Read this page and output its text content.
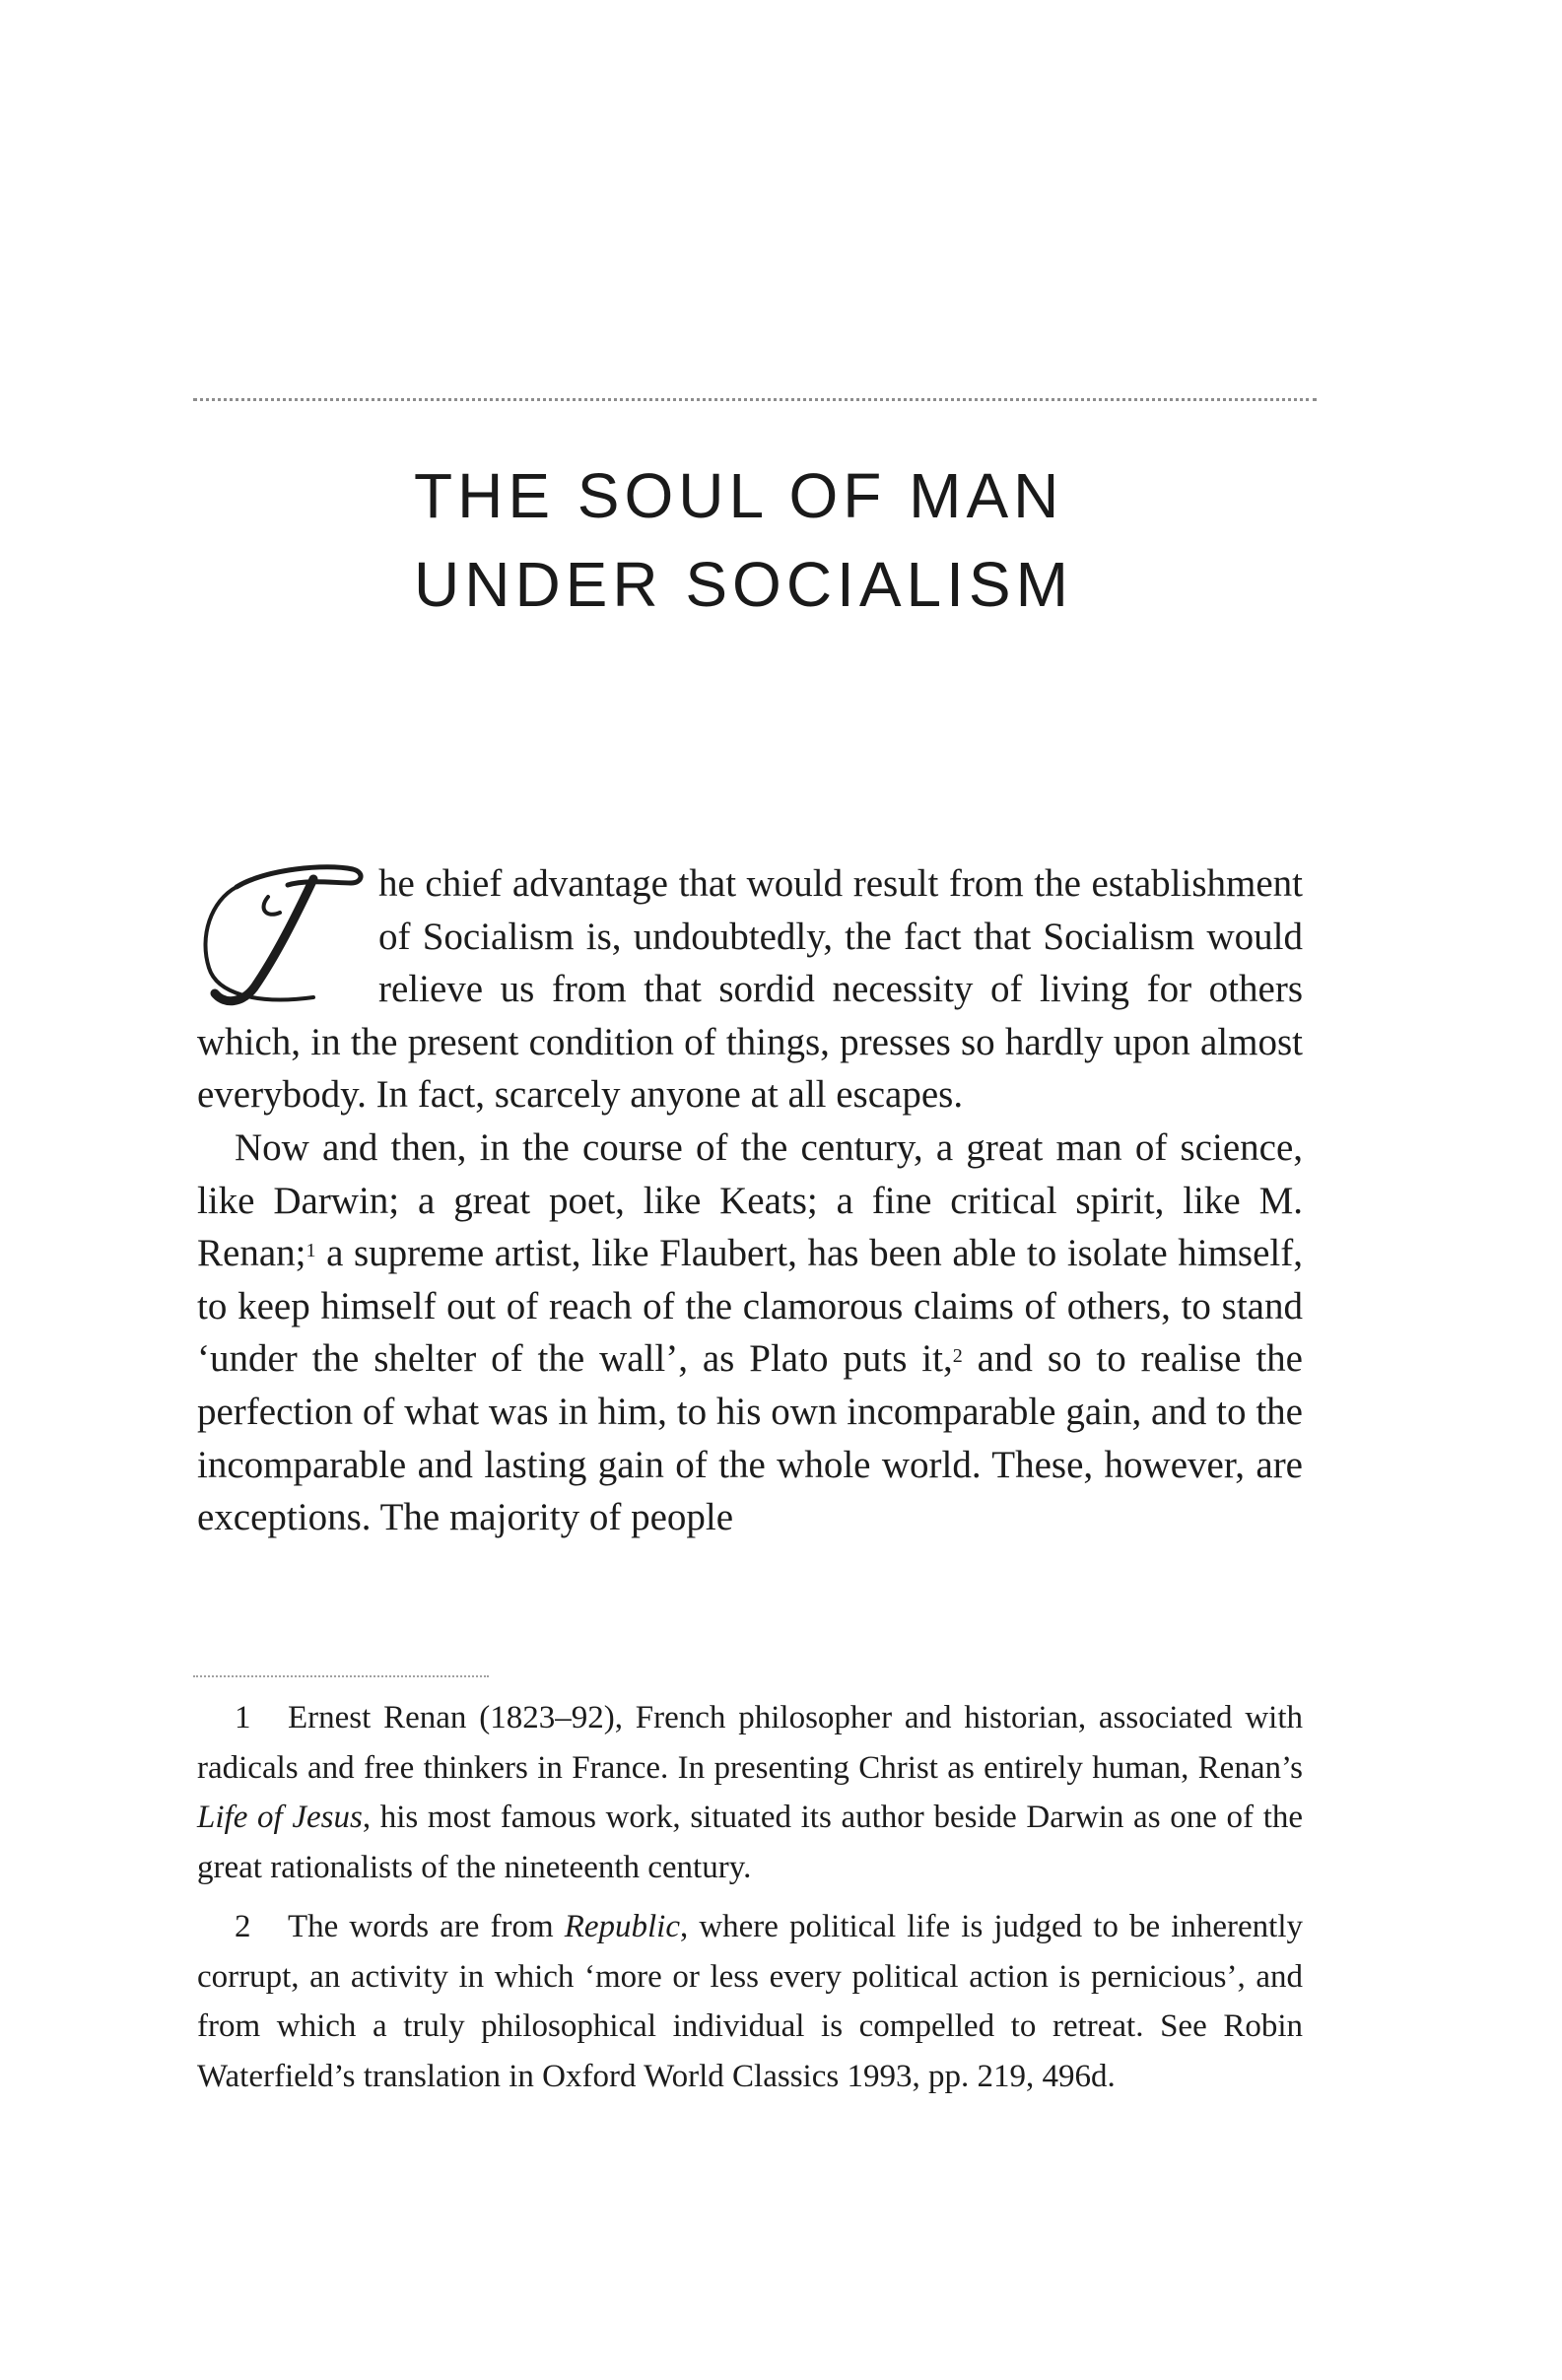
THE SOUL OF MAN
UNDER SOCIALISM

he chief advantage that would result from the establishment of Socialism is, undoubtedly, the fact that Socialism would relieve us from that sordid necessity of living for others which, in the present condition of things, presses so hardly upon almost everybody. In fact, scarcely anyone at all escapes.

Now and then, in the course of the century, a great man of science, like Darwin; a great poet, like Keats; a fine critical spirit, like M. Renan;$^1$ a supreme artist, like Flaubert, has been able to isolate himself, to keep himself out of reach of the clamorous claims of others, to stand ‘under the shelter of the wall’, as Plato puts it,$^2$ and so to realise the perfection of what was in him, to his own incomparable gain, and to the incomparable and lasting gain of the whole world. These, however, are exceptions. The majority of people

1 Ernest Renan (1823–92), French philosopher and historian, associated with radicals and free thinkers in France. In presenting Christ as entirely human, Renan’s Life of Jesus, his most famous work, situated its author beside Darwin as one of the great rationalists of the nineteenth century.

2 The words are from Republic, where political life is judged to be inherently corrupt, an activity in which ‘more or less every political action is pernicious’, and from which a truly philosophical individual is compelled to retreat. See Robin Waterfield’s translation in Oxford World Classics 1993, pp. 219, 496d.
